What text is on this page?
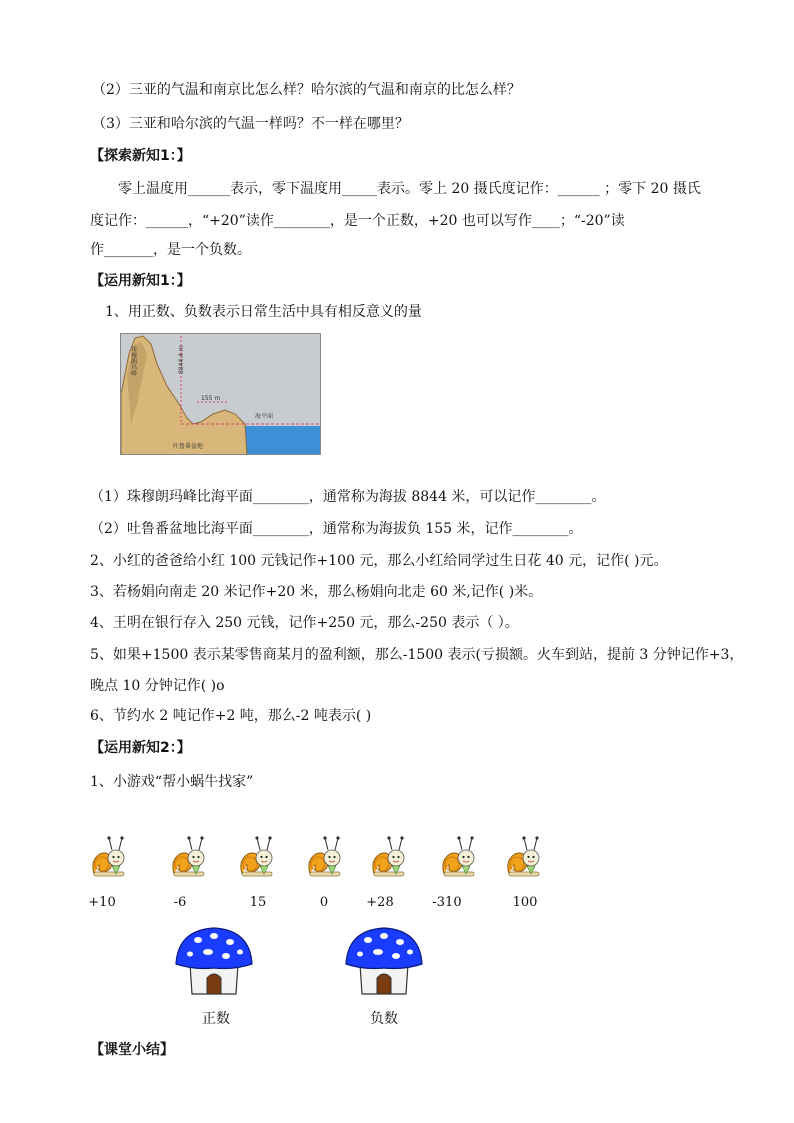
（2）三亚的气温和南京比怎么样？哈尔滨的气温和南京的比怎么样？
（3）三亚和哈尔滨的气温一样吗？不一样在哪里？
【探索新知1：】
零上温度用______表示，零下温度用_____表示。零上 20 摄氏度记作：______ ；零下 20 摄氏
度记作：______，“+20”读作________，是一个正数，+20 也可以写作____；“-20”读
作_______，是一个负数。
【运用新知1：】
1、用正数、负数表示日常生活中具有相反意义的量
珠穆朗玛峰	8844.4 m
155 m
海平面
吐鲁番盆地
（1）珠穆朗玛峰比海平面________，通常称为海拔 8844 米，可以记作________。
（2）吐鲁番盆地比海平面________，通常称为海拔负 155 米，记作________。
2、小红的爸爸给小红 100 元钱记作+100 元，那么小红给同学过生日花 40 元，记作( )元。
3、若杨娟向南走 20 米记作+20 米，那么杨娟向北走 60 米,记作( )米。
4、王明在银行存入 250 元钱，记作+250 元，那么-250 表示（ ）。
5、如果+1500 表示某零售商某月的盈利额，那么-1500 表示(亏损额。火车到站，提前 3 分钟记作+3，
晚点 10 分钟记作( )o
6、节约水 2 吨记作+2 吨，那么-2 吨表示( )
【运用新知2：】
1、小游戏“帮小蜗牛找家”
+10	-6	15	0	+28	-310	100
正数	负数
【课堂小结】
